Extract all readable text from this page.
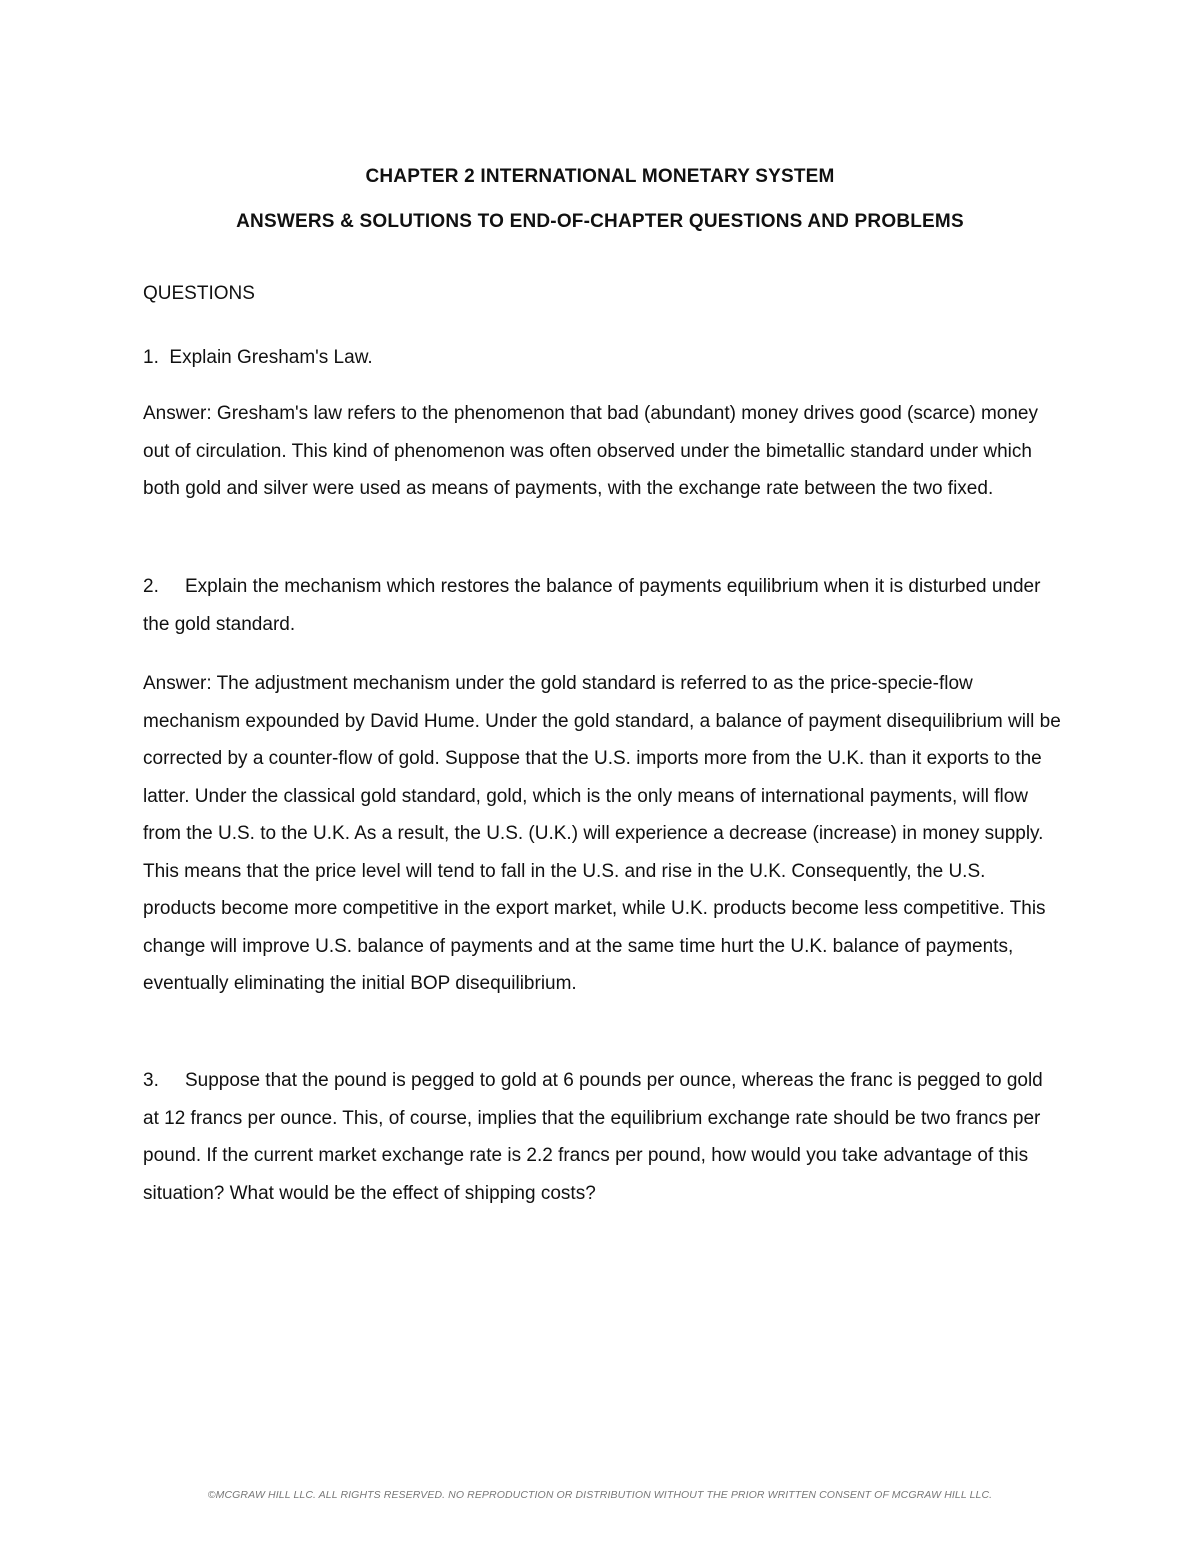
CHAPTER 2 INTERNATIONAL MONETARY SYSTEM
ANSWERS & SOLUTIONS TO END-OF-CHAPTER QUESTIONS AND PROBLEMS
QUESTIONS

1. Explain Gresham's Law.

Answer: Gresham's law refers to the phenomenon that bad (abundant) money drives good (scarce) money out of circulation. This kind of phenomenon was often observed under the bimetallic standard under which both gold and silver were used as means of payments, with the exchange rate between the two fixed.

2. Explain the mechanism which restores the balance of payments equilibrium when it is disturbed under the gold standard.

Answer: The adjustment mechanism under the gold standard is referred to as the price-specie-flow mechanism expounded by David Hume. Under the gold standard, a balance of payment disequilibrium will be corrected by a counter-flow of gold. Suppose that the U.S. imports more from the U.K. than it exports to the latter. Under the classical gold standard, gold, which is the only means of international payments, will flow from the U.S. to the U.K. As a result, the U.S. (U.K.) will experience a decrease (increase) in money supply. This means that the price level will tend to fall in the U.S. and rise in the U.K. Consequently, the U.S. products become more competitive in the export market, while U.K. products become less competitive. This change will improve U.S. balance of payments and at the same time hurt the U.K. balance of payments, eventually eliminating the initial BOP disequilibrium.

3. Suppose that the pound is pegged to gold at 6 pounds per ounce, whereas the franc is pegged to gold at 12 francs per ounce. This, of course, implies that the equilibrium exchange rate should be two francs per pound. If the current market exchange rate is 2.2 francs per pound, how would you take advantage of this situation? What would be the effect of shipping costs?

©MCGRAW HILL LLC. ALL RIGHTS RESERVED. NO REPRODUCTION OR DISTRIBUTION WITHOUT THE PRIOR WRITTEN CONSENT OF MCGRAW HILL LLC.
